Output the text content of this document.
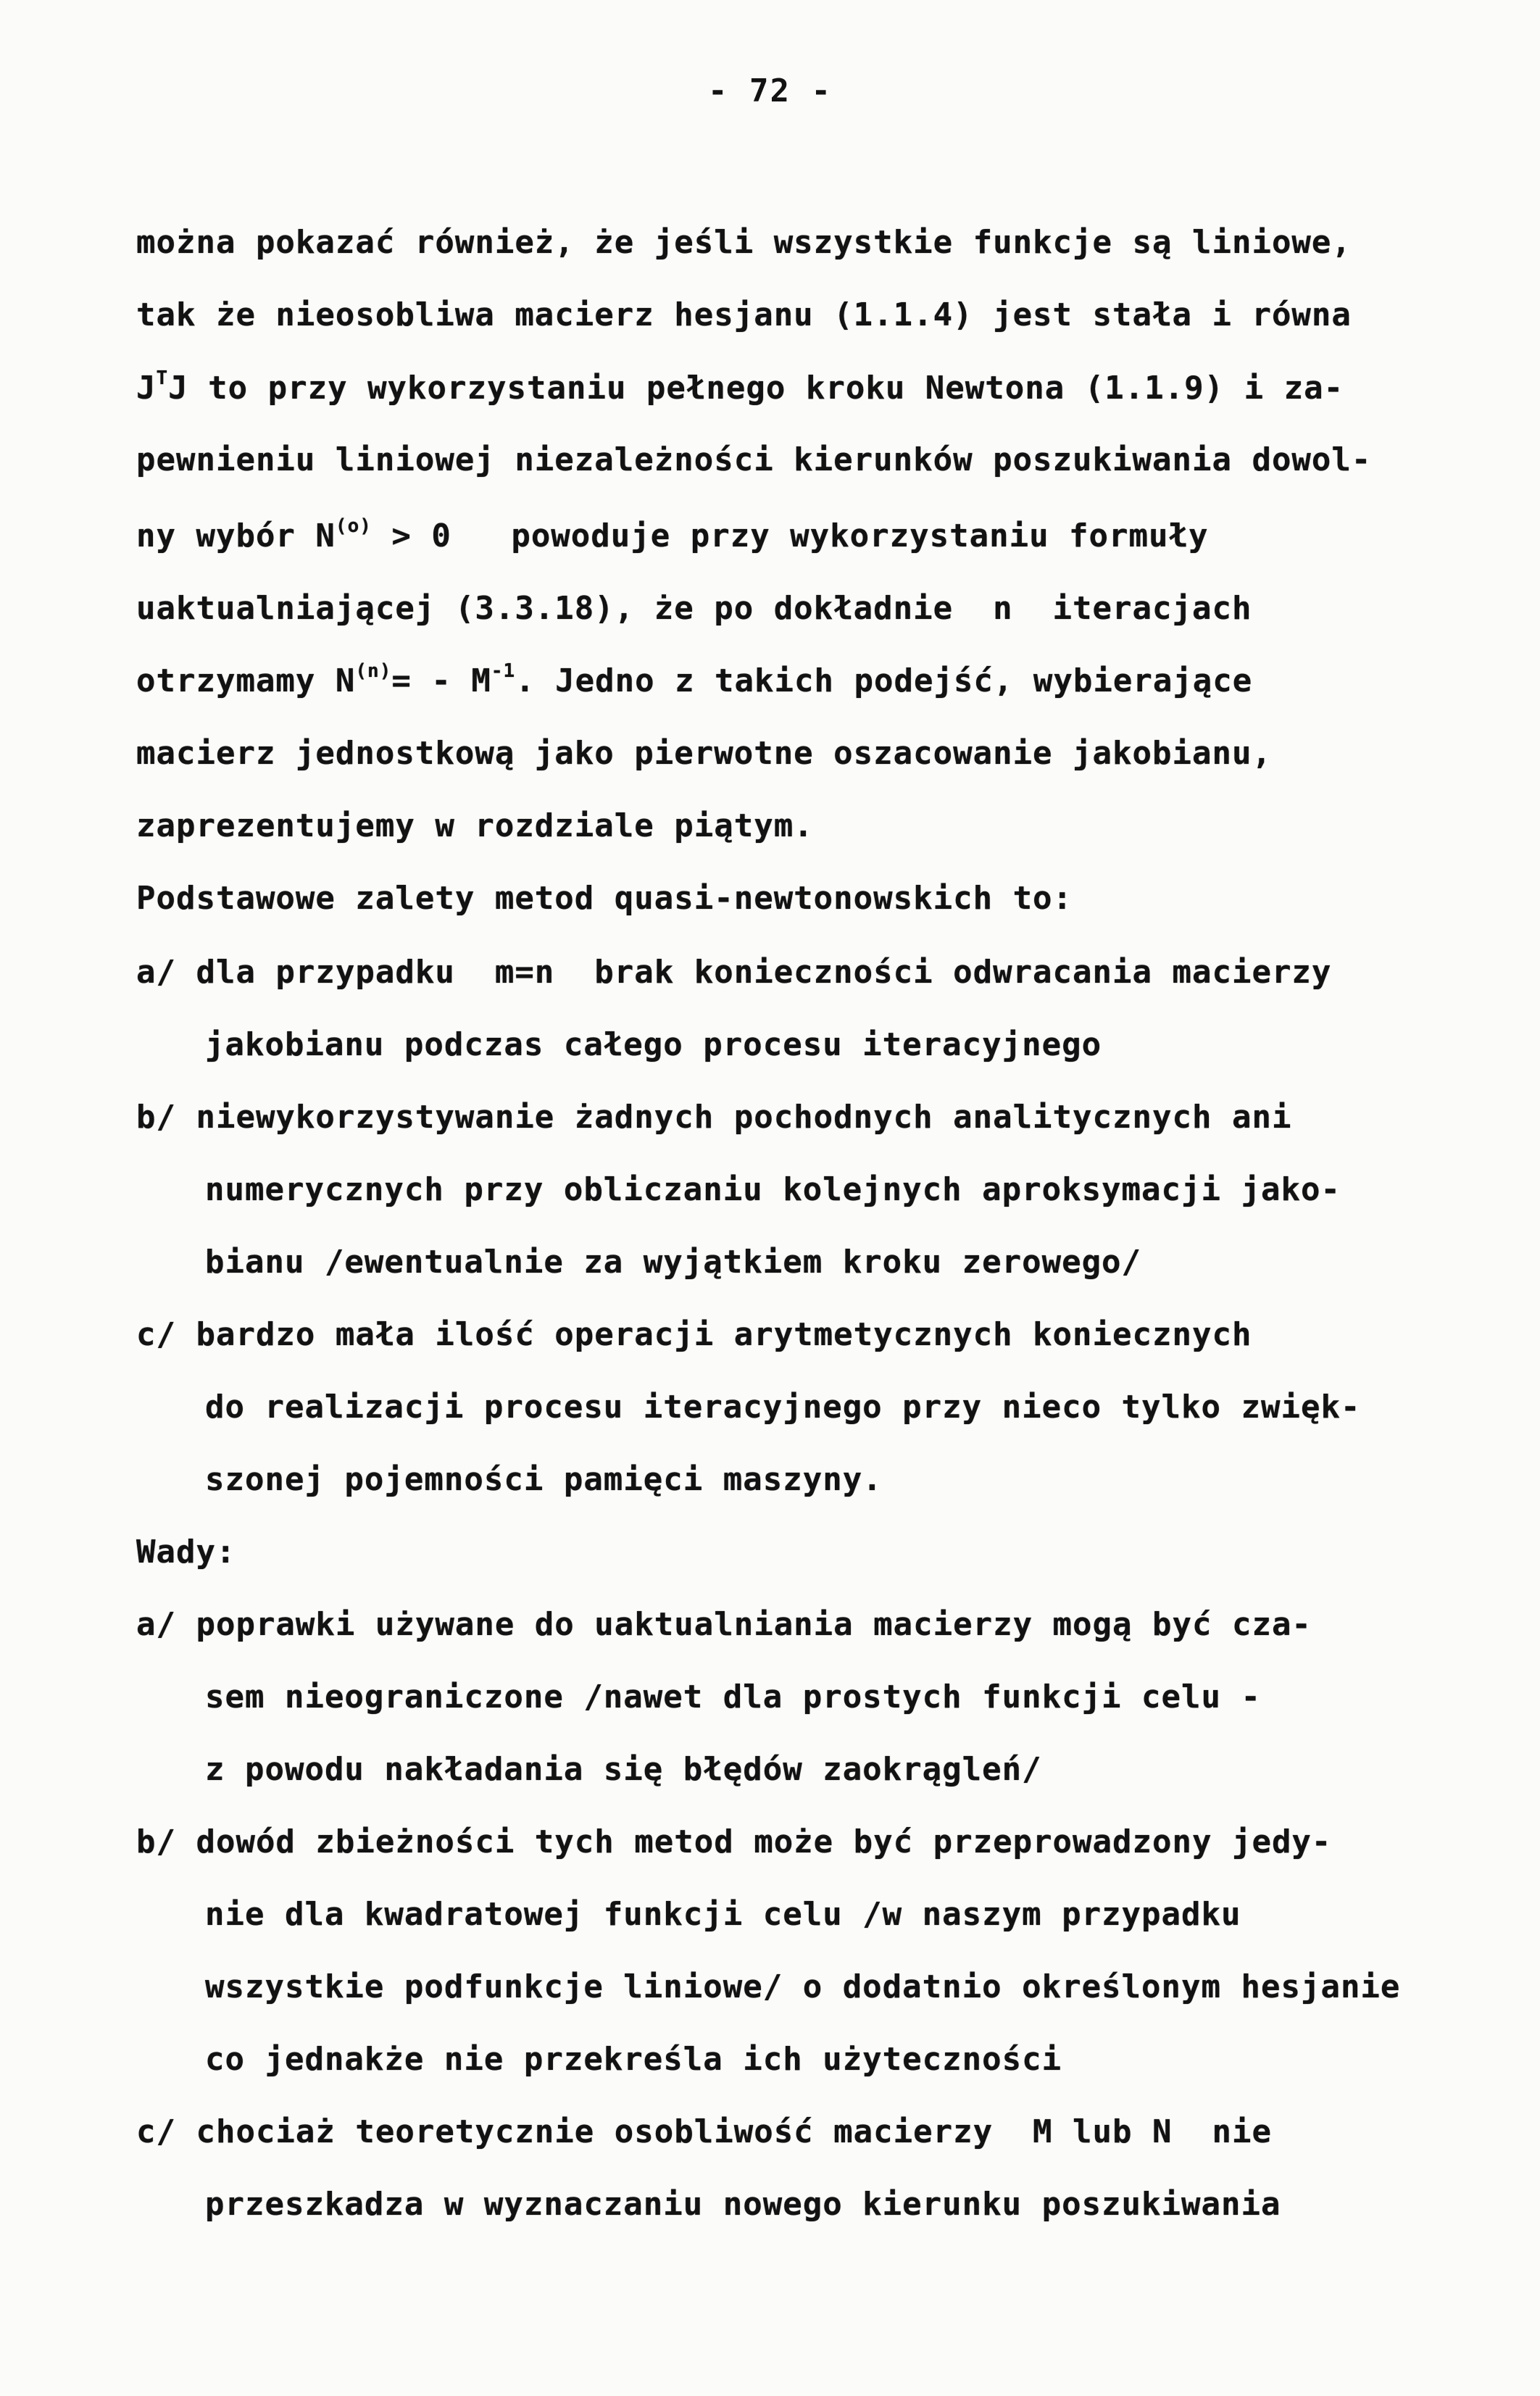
- 72 -
można pokazać również, że jeśli wszystkie funkcje są liniowe,
tak że nieosobliwa macierz hesjanu (1.1.4) jest stała i równa
$J^TJ$ to przy wykorzystaniu pełnego kroku Newtona (1.1.9) i za-
pewnieniu liniowej niezależności kierunków poszukiwania dowol-
ny wybór $N^{(o)} > 0$   powoduje przy wykorzystaniu formuły
uaktualniającej (3.3.18), że po dokładnie  n  iteracjach
otrzymamy $N^{(n)}= - M^{-1}$. Jedno z takich podejść, wybierające
macierz jednostkową jako pierwotne oszacowanie jakobianu,
zaprezentujemy w rozdziale piątym.
Podstawowe zalety metod quasi-newtonowskich to:
a/ dla przypadku  m=n  brak konieczności odwracania macierzy
jakobianu podczas całego procesu iteracyjnego
b/ niewykorzystywanie żadnych pochodnych analitycznych ani
numerycznych przy obliczaniu kolejnych aproksymacji jako-
bianu /ewentualnie za wyjątkiem kroku zerowego/
c/ bardzo mała ilość operacji arytmetycznych koniecznych
do realizacji procesu iteracyjnego przy nieco tylko zwięk-
szonej pojemności pamięci maszyny.
Wady:
a/ poprawki używane do uaktualniania macierzy mogą być cza-
sem nieograniczone /nawet dla prostych funkcji celu -
z powodu nakładania się błędów zaokrągleń/
b/ dowód zbieżności tych metod może być przeprowadzony jedy-
nie dla kwadratowej funkcji celu /w naszym przypadku
wszystkie podfunkcje liniowe/ o dodatnio określonym hesjanie
co jednakże nie przekreśla ich użyteczności
c/ chociaż teoretycznie osobliwość macierzy  M lub N  nie
przeszkadza w wyznaczaniu nowego kierunku poszukiwania
